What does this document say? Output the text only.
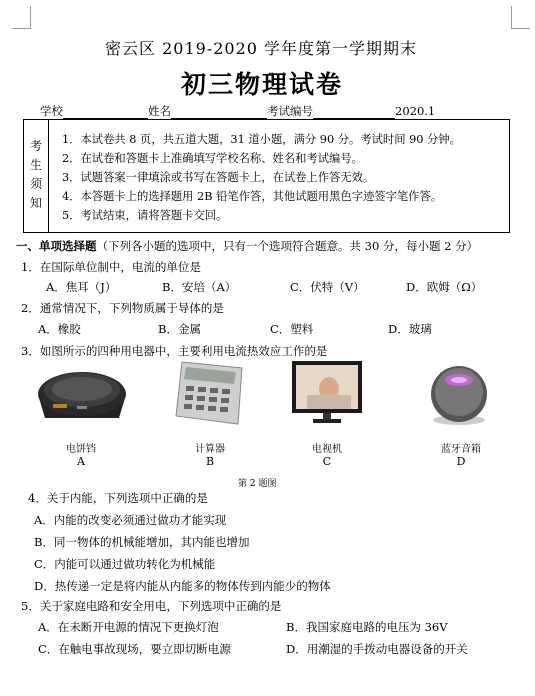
密云区 2019-2020 学年度第一学期期末
初三物理试卷
学校	姓名	考试编号	2020.1
考
生
须
知
1．本试卷共 8 页，共五道大题，31 道小题，满分 90 分。考试时间 90 分钟。
2．在试卷和答题卡上准确填写学校名称、姓名和考试编号。
3．试题答案一律填涂或书写在答题卡上，在试卷上作答无效。
4．本答题卡上的选择题用 2B 铅笔作答，其他试题用黑色字迹签字笔作答。
5．考试结束，请将答题卡交回。
一、单项选择题（下列各小题的选项中，只有一个选项符合题意。共 30 分，每小题 2 分）
1．在国际单位制中，电流的单位是
A．焦耳（J）	B．安培（A）	C．伏特（V）	D．欧姆（Ω）
2．通常情况下，下列物质属于导体的是
A．橡胶	B．金属	C．塑料	D．玻璃
3．如图所示的四种用电器中，主要利用电流热效应工作的是
电饼铛	计算器	电视机	蓝牙音箱
A	B	C	D
第 2 题图
4．关于内能，下列选项中正确的是
A．内能的改变必须通过做功才能实现
B．同一物体的机械能增加，其内能也增加
C．内能可以通过做功转化为机械能
D．热传递一定是将内能从内能多的物体传到内能少的物体
5．关于家庭电路和安全用电，下列选项中正确的是
A．在未断开电源的情况下更换灯泡	B．我国家庭电路的电压为 36V
C．在触电事故现场，要立即切断电源	D．用潮湿的手拨动电器设备的开关
